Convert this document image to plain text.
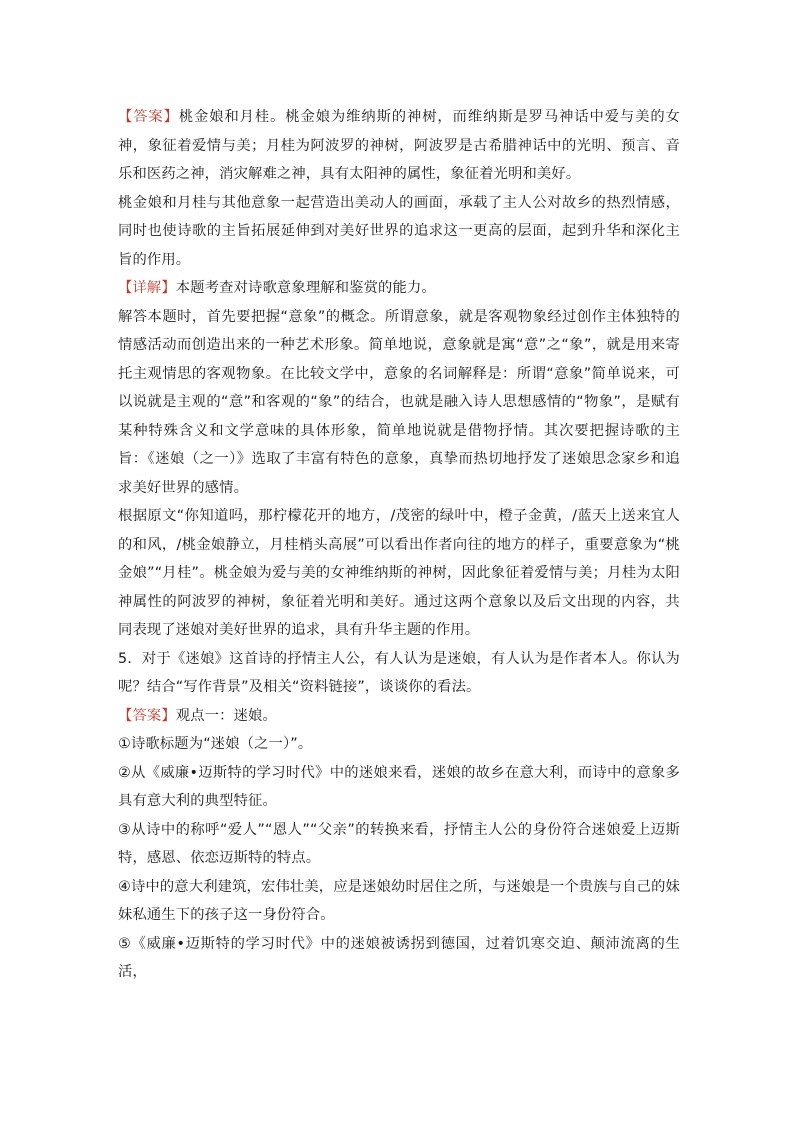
【答案】桃金娘和月桂。桃金娘为维纳斯的神树，而维纳斯是罗马神话中爱与美的女神，象征着爱情与美；月桂为阿波罗的神树，阿波罗是古希腊神话中的光明、预言、音乐和医药之神，消灾解难之神，具有太阳神的属性，象征着光明和美好。

桃金娘和月桂与其他意象一起营造出美动人的画面，承载了主人公对故乡的热烈情感，同时也使诗歌的主旨拓展延伸到对美好世界的追求这一更高的层面，起到升华和深化主旨的作用。

【详解】本题考查对诗歌意象理解和鉴赏的能力。

解答本题时，首先要把握“意象”的概念。所谓意象，就是客观物象经过创作主体独特的情感活动而创造出来的一种艺术形象。简单地说，意象就是寓“意”之“象”，就是用来寄托主观情思的客观物象。在比较文学中，意象的名词解释是：所谓“意象”简单说来，可以说就是主观的“意”和客观的“象”的结合，也就是融入诗人思想感情的“物象”，是赋有某种特殊含义和文学意味的具体形象，简单地说就是借物抒情。其次要把握诗歌的主旨：《迷娘（之一）》选取了丰富有特色的意象，真挚而热切地抒发了迷娘思念家乡和追求美好世界的感情。

根据原文“你知道吗，那柠檬花开的地方，/茂密的绿叶中，橙子金黄，/蓝天上送来宜人的和风，/桃金娘静立，月桂梢头高展”可以看出作者向往的地方的样子，重要意象为“桃金娘”“月桂”。桃金娘为爱与美的女神维纳斯的神树，因此象征着爱情与美；月桂为太阳神属性的阿波罗的神树，象征着光明和美好。通过这两个意象以及后文出现的内容，共同表现了迷娘对美好世界的追求，具有升华主题的作用。

5．对于《迷娘》这首诗的抒情主人公，有人认为是迷娘，有人认为是作者本人。你认为呢？结合“写作背景”及相关“资料链接”，谈谈你的看法。

【答案】观点一：迷娘。

①诗歌标题为“迷娘（之一）”。

②从《威廉•迈斯特的学习时代》中的迷娘来看，迷娘的故乡在意大利，而诗中的意象多具有意大利的典型特征。

③从诗中的称呼“爱人”“恩人”“父亲”的转换来看，抒情主人公的身份符合迷娘爱上迈斯特，感恩、依恋迈斯特的特点。

④诗中的意大利建筑，宏伟壮美，应是迷娘幼时居住之所，与迷娘是一个贵族与自己的妹妹私通生下的孩子这一身份符合。

⑤《威廉•迈斯特的学习时代》中的迷娘被诱拐到德国，过着饥寒交迫、颠沛流离的生活，
